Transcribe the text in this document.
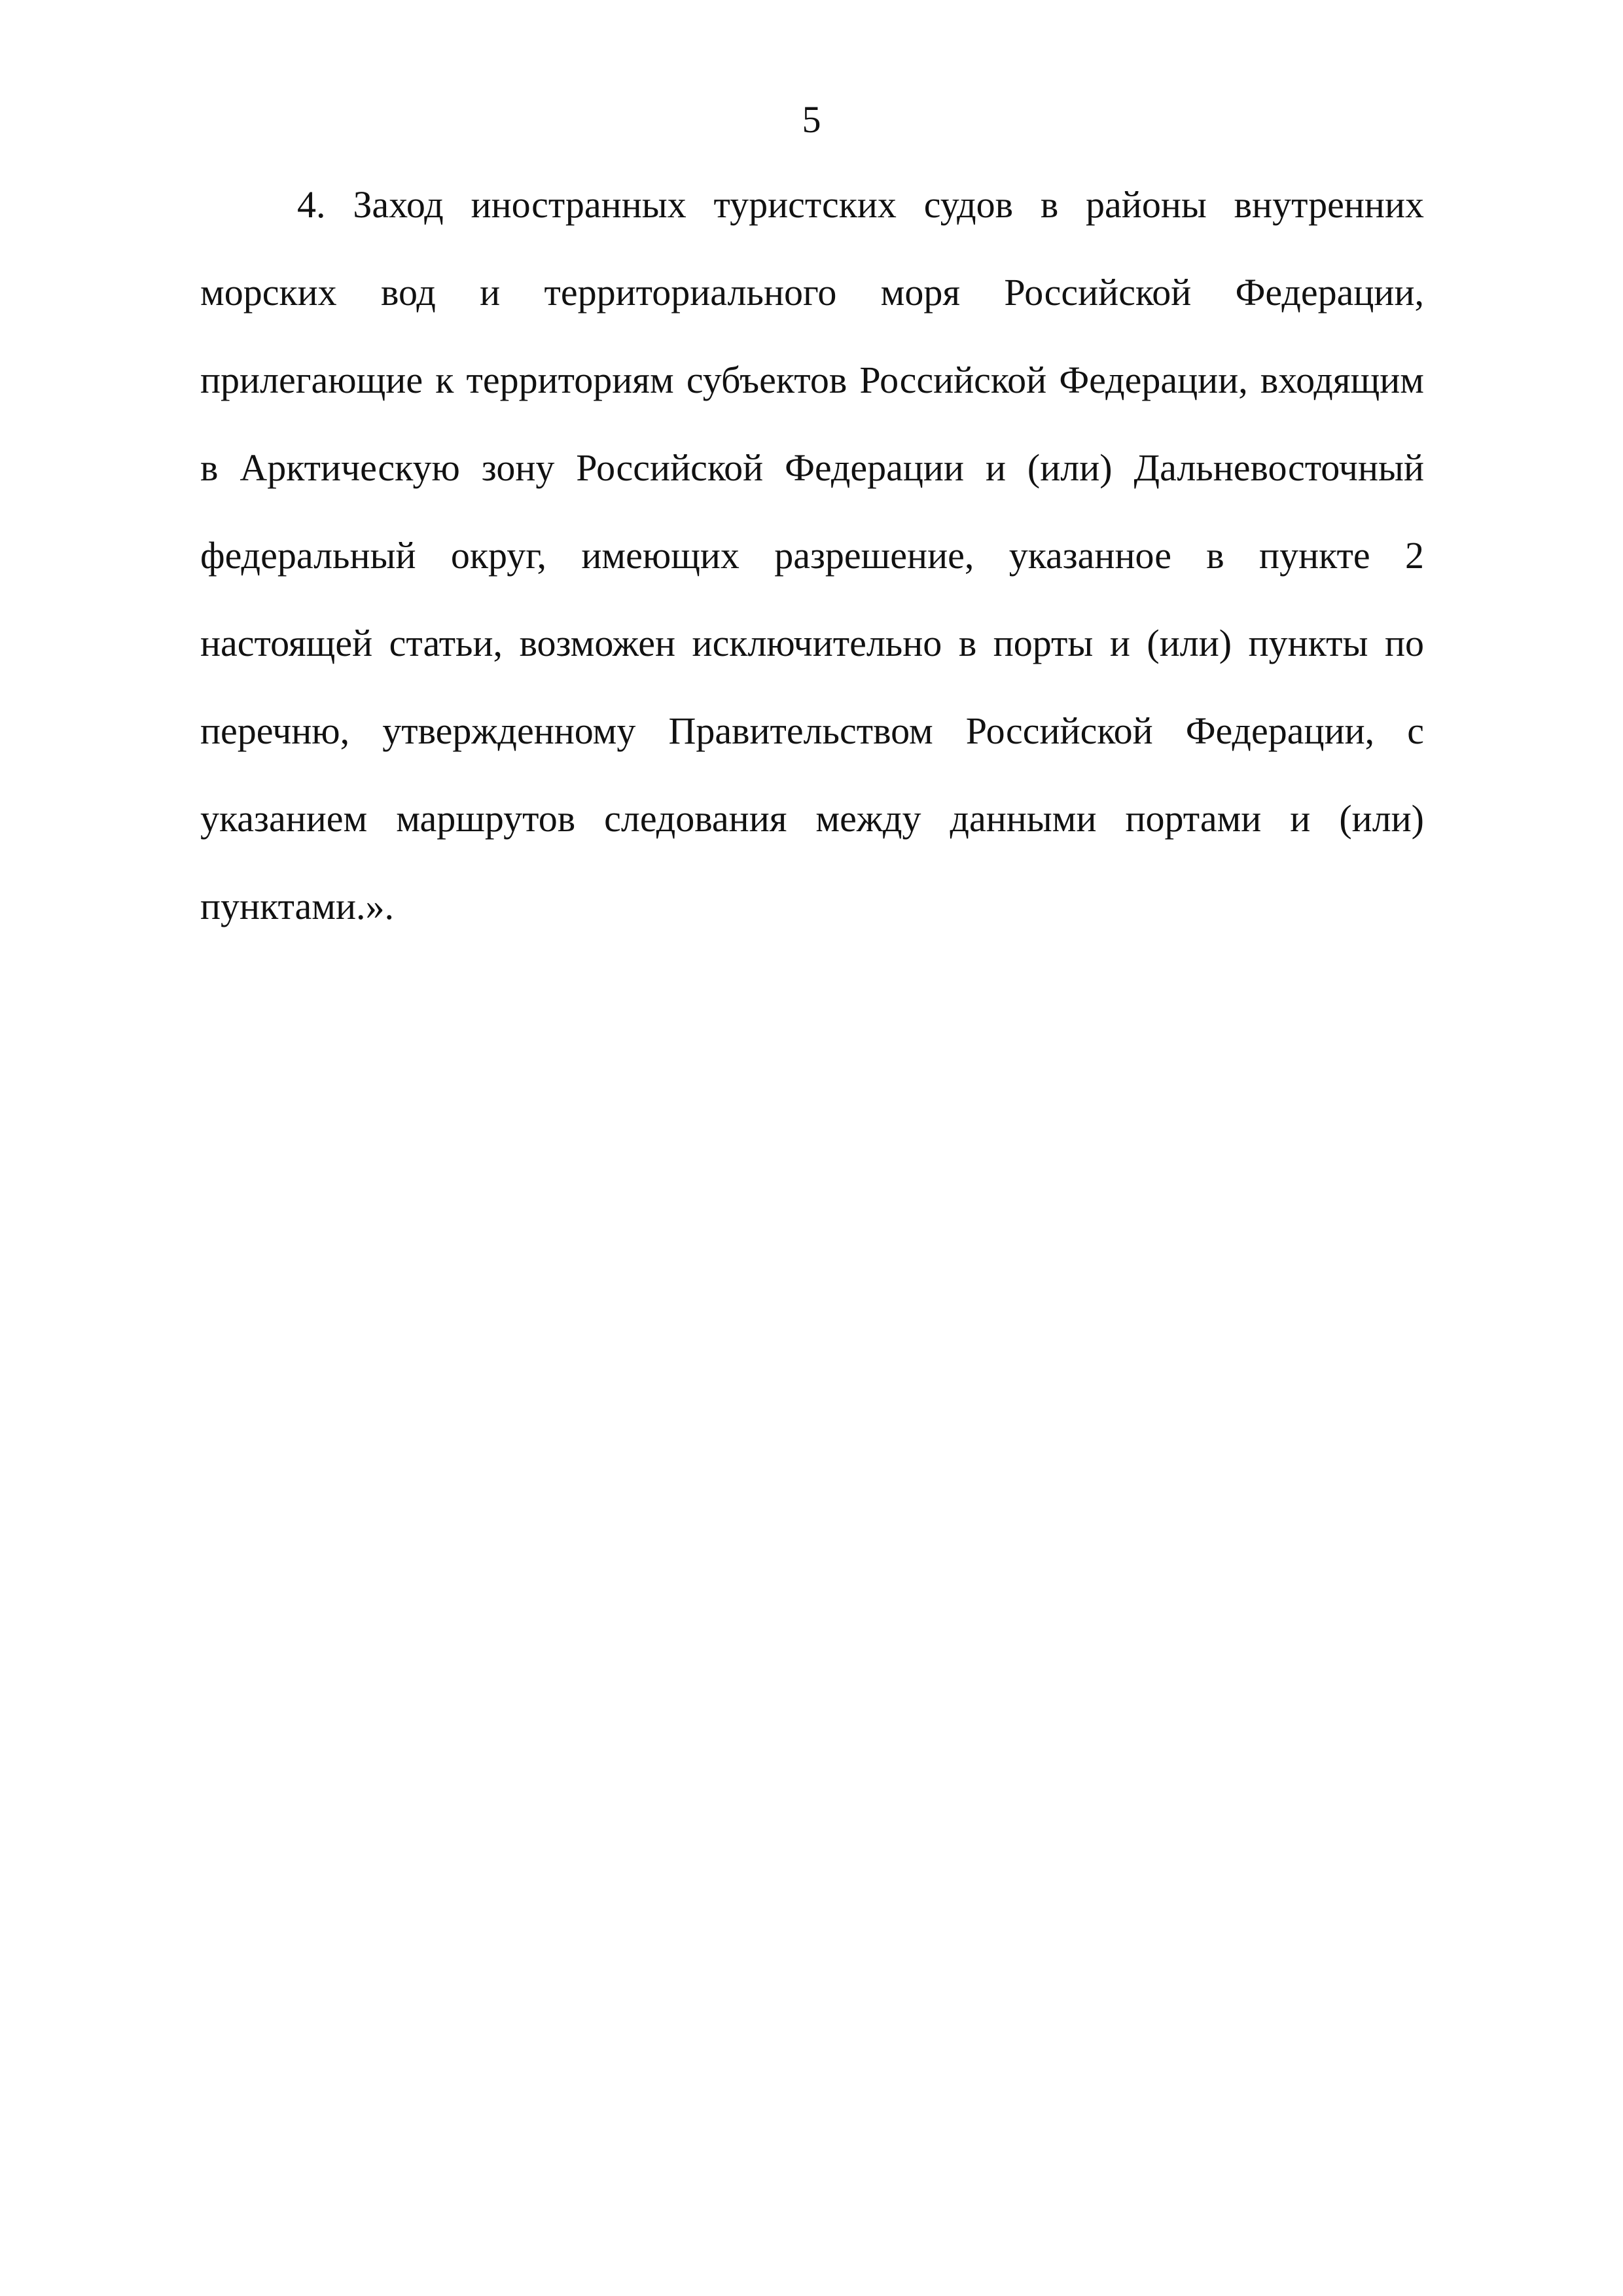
5
4. Заход иностранных туристских судов в районы внутренних
морских вод и территориального моря Российской Федерации,
прилегающие к территориям субъектов Российской Федерации, входящим
в Арктическую зону Российской Федерации и (или) Дальневосточный
федеральный округ, имеющих разрешение, указанное в пункте 2
настоящей статьи, возможен исключительно в порты и (или) пункты по
перечню, утвержденному Правительством Российской Федерации, с
указанием маршрутов следования между данными портами и (или)
пунктами.».
